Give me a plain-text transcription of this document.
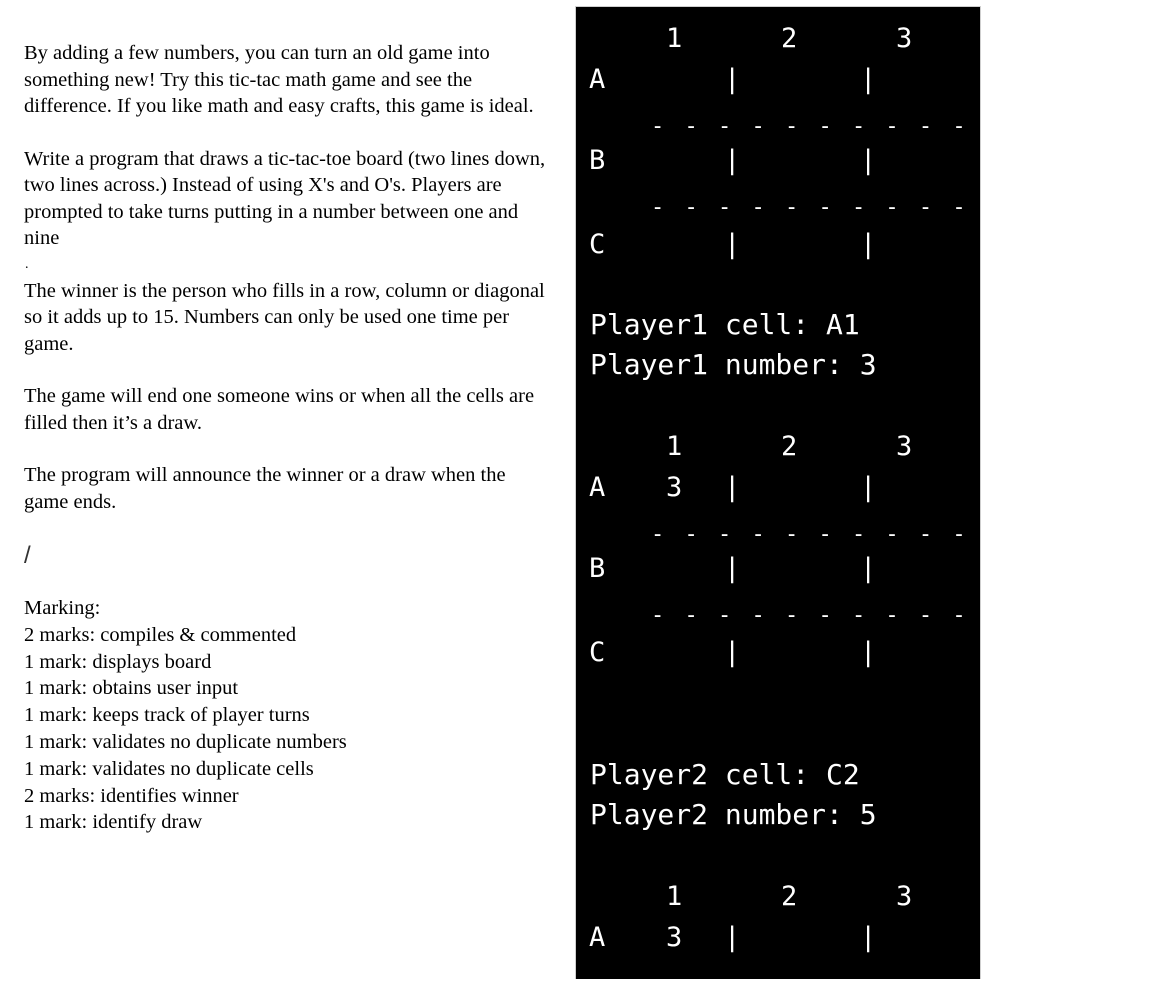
By adding a few numbers, you can turn an old game into something new! Try this tic-tac math game and see the difference. If you like math and easy crafts, this game is ideal.

Write a program that draws a tic-tac-toe board (two lines down, two lines across.) Instead of using X's and O's. Players are prompted to take turns putting in a number between one and nine

.

The winner is the person who fills in a row, column or diagonal so it adds up to 15. Numbers can only be used one time per game.

The game will end one someone wins or when all the cells are filled then it’s a draw.

The program will announce the winner or a draw when the game ends.

/

Marking:

2 marks: compiles & commented

1 mark: displays board

1 mark: obtains user input

1 mark: keeps track of player turns

1 mark: validates no duplicate numbers

1 mark: validates no duplicate cells

2 marks: identifies winner

1 mark: identify draw

1	2	3
A	|	|
- - - - - - - - - - - - - - - -
B	|	|
- - - - - - - - - - - - - - - -
C	|	|
Player1 cell: A1
Player1 number: 3
1	2	3
A 3 |	|
- - - - - - - - - - - - - - - -
B	|	|
- - - - - - - - - - - - - - - -
C	|	|
Player2 cell: C2
Player2 number: 5
1	2	3
A 3 |	|
- - - - - - - - - - - - - - - -
